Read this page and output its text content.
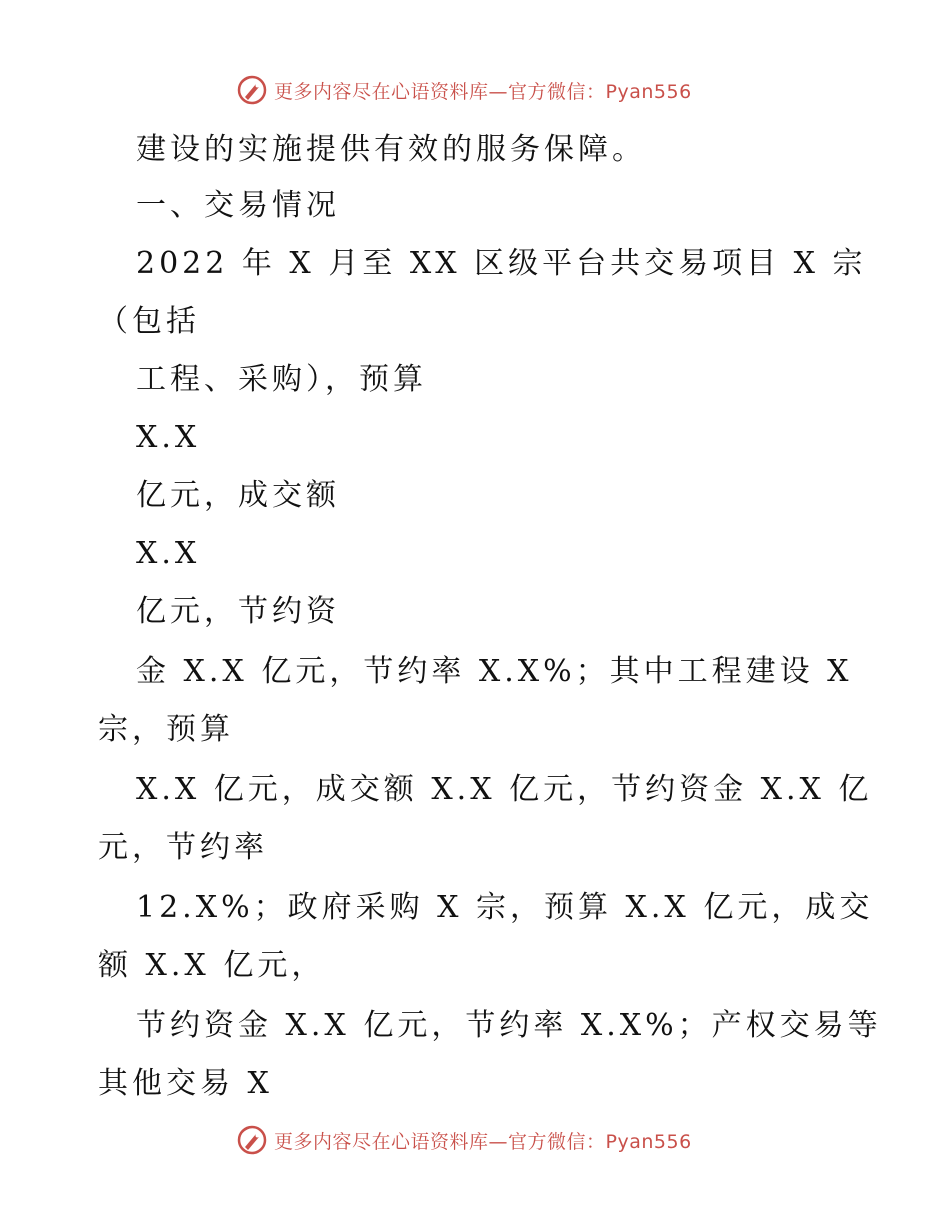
更多内容尽在心语资料库—官方微信：Pyan556
建设的实施提供有效的服务保障。
一、交易情况
2022 年 X 月至 XX 区级平台共交易项目 X 宗
（包括
工程、采购），预算
X.X
亿元，成交额
X.X
亿元，节约资
金 X.X 亿元，节约率 X.X%；其中工程建设 X
宗，预算
X.X 亿元，成交额 X.X 亿元，节约资金 X.X 亿
元，节约率
12.X%；政府采购 X 宗，预算 X.X 亿元，成交
额 X.X 亿元，
节约资金 X.X 亿元，节约率 X.X%；产权交易等
其他交易 X
更多内容尽在心语资料库—官方微信：Pyan556
